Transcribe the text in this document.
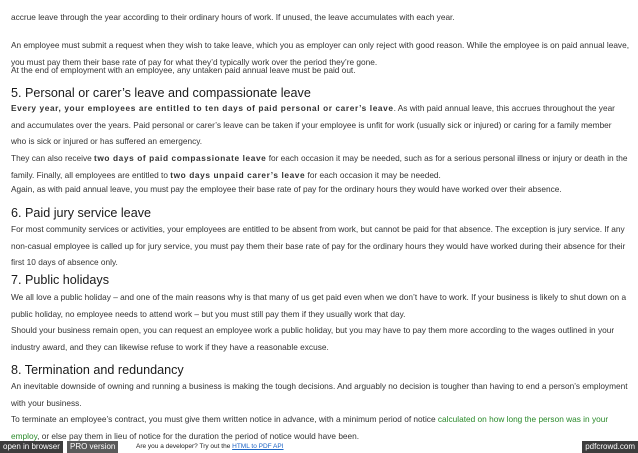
accrue leave through the year according to their ordinary hours of work. If unused, the leave accumulates with each year.

An employee must submit a request when they wish to take leave, which you as employer can only reject with good reason. While the employee is on paid annual leave, you must pay them their base rate of pay for what they’d typically work over the period they’re gone.

At the end of employment with an employee, any untaken paid annual leave must be paid out.

5. Personal or carer’s leave and compassionate leave

Every year, your employees are entitled to ten days of paid personal or carer’s leave. As with paid annual leave, this accrues throughout the year and accumulates over the years. Paid personal or carer’s leave can be taken if your employee is unfit for work (usually sick or injured) or caring for a family member who is sick or injured or has suffered an emergency.

They can also receive two days of paid compassionate leave for each occasion it may be needed, such as for a serious personal illness or injury or death in the family. Finally, all employees are entitled to two days unpaid carer’s leave for each occasion it may be needed.

Again, as with paid annual leave, you must pay the employee their base rate of pay for the ordinary hours they would have worked over their absence.

6. Paid jury service leave

For most community services or activities, your employees are entitled to be absent from work, but cannot be paid for that absence. The exception is jury service. If any non-casual employee is called up for jury service, you must pay them their base rate of pay for the ordinary hours they would have worked during their absence for their first 10 days of absence only.

7. Public holidays

We all love a public holiday – and one of the main reasons why is that many of us get paid even when we don’t have to work. If your business is likely to shut down on a public holiday, no employee needs to attend work – but you must still pay them if they usually work that day.

Should your business remain open, you can request an employee work a public holiday, but you may have to pay them more according to the wages outlined in your industry award, and they can likewise refuse to work if they have a reasonable excuse.

8. Termination and redundancy

An inevitable downside of owning and running a business is making the tough decisions. And arguably no decision is tougher than having to end a person’s employment with your business.

To terminate an employee’s contract, you must give them written notice in advance, with a minimum period of notice calculated on how long the person was in your employ, or else pay them in lieu of notice for the duration the period of notice would have been.

open in browser	PRO version	Are you a developer? Try out the HTML to PDF API	pdfcrowd.com
